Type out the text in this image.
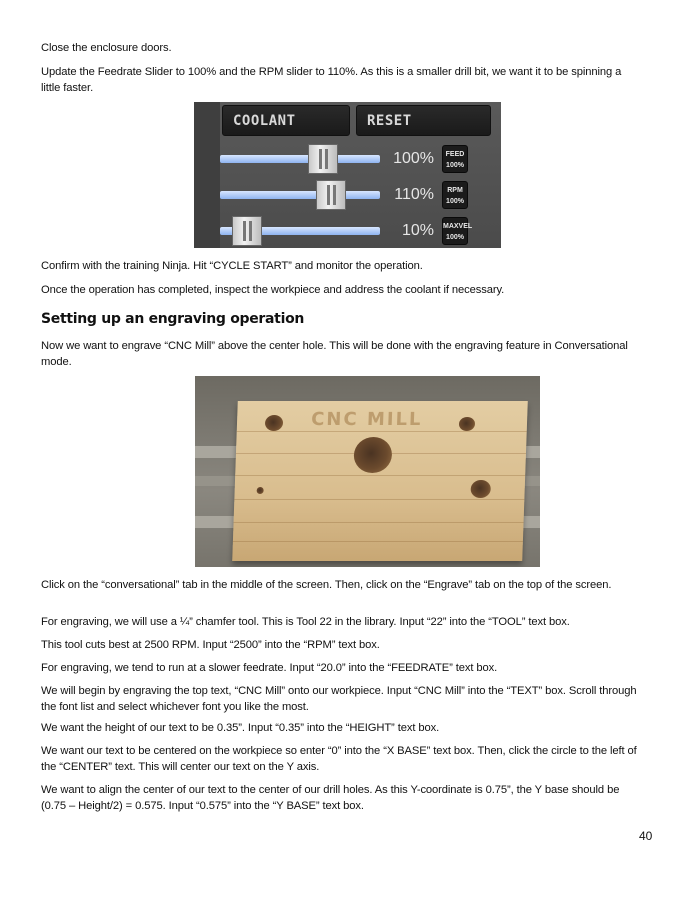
Close the enclosure doors.

Update the Feedrate Slider to 100% and the RPM slider to 110%. As this is a smaller drill bit, we want it to be spinning a little faster.

COOLANT	RESET
100%	FEED
100%
110%	RPM
100%
10% MAXVEL
100%

Confirm with the training Ninja. Hit “CYCLE START” and monitor the operation.

Once the operation has completed, inspect the workpiece and address the coolant if necessary.

Setting up an engraving operation

Now we want to engrave “CNC Mill” above the center hole. This will be done with the engraving feature in Conversational mode.

CNC MILL

Click on the “conversational” tab in the middle of the screen. Then, click on the “Engrave” tab on the top of the screen.

For engraving, we will use a ¼” chamfer tool. This is Tool 22 in the library. Input “22” into the “TOOL” text box.

This tool cuts best at 2500 RPM. Input “2500” into the “RPM” text box.

For engraving, we tend to run at a slower feedrate. Input “20.0” into the “FEEDRATE” text box.

We will begin by engraving the top text, “CNC Mill” onto our workpiece. Input “CNC Mill” into the “TEXT” box. Scroll through the font list and select whichever font you like the most.

We want the height of our text to be 0.35”. Input “0.35” into the “HEIGHT” text box.

We want our text to be centered on the workpiece so enter “0” into the “X BASE” text box. Then, click the circle to the left of the “CENTER” text. This will center our text on the Y axis.

We want to align the center of our text to the center of our drill holes. As this Y-coordinate is 0.75”, the Y base should be (0.75 – Height/2) = 0.575. Input “0.575” into the “Y BASE” text box.

40
